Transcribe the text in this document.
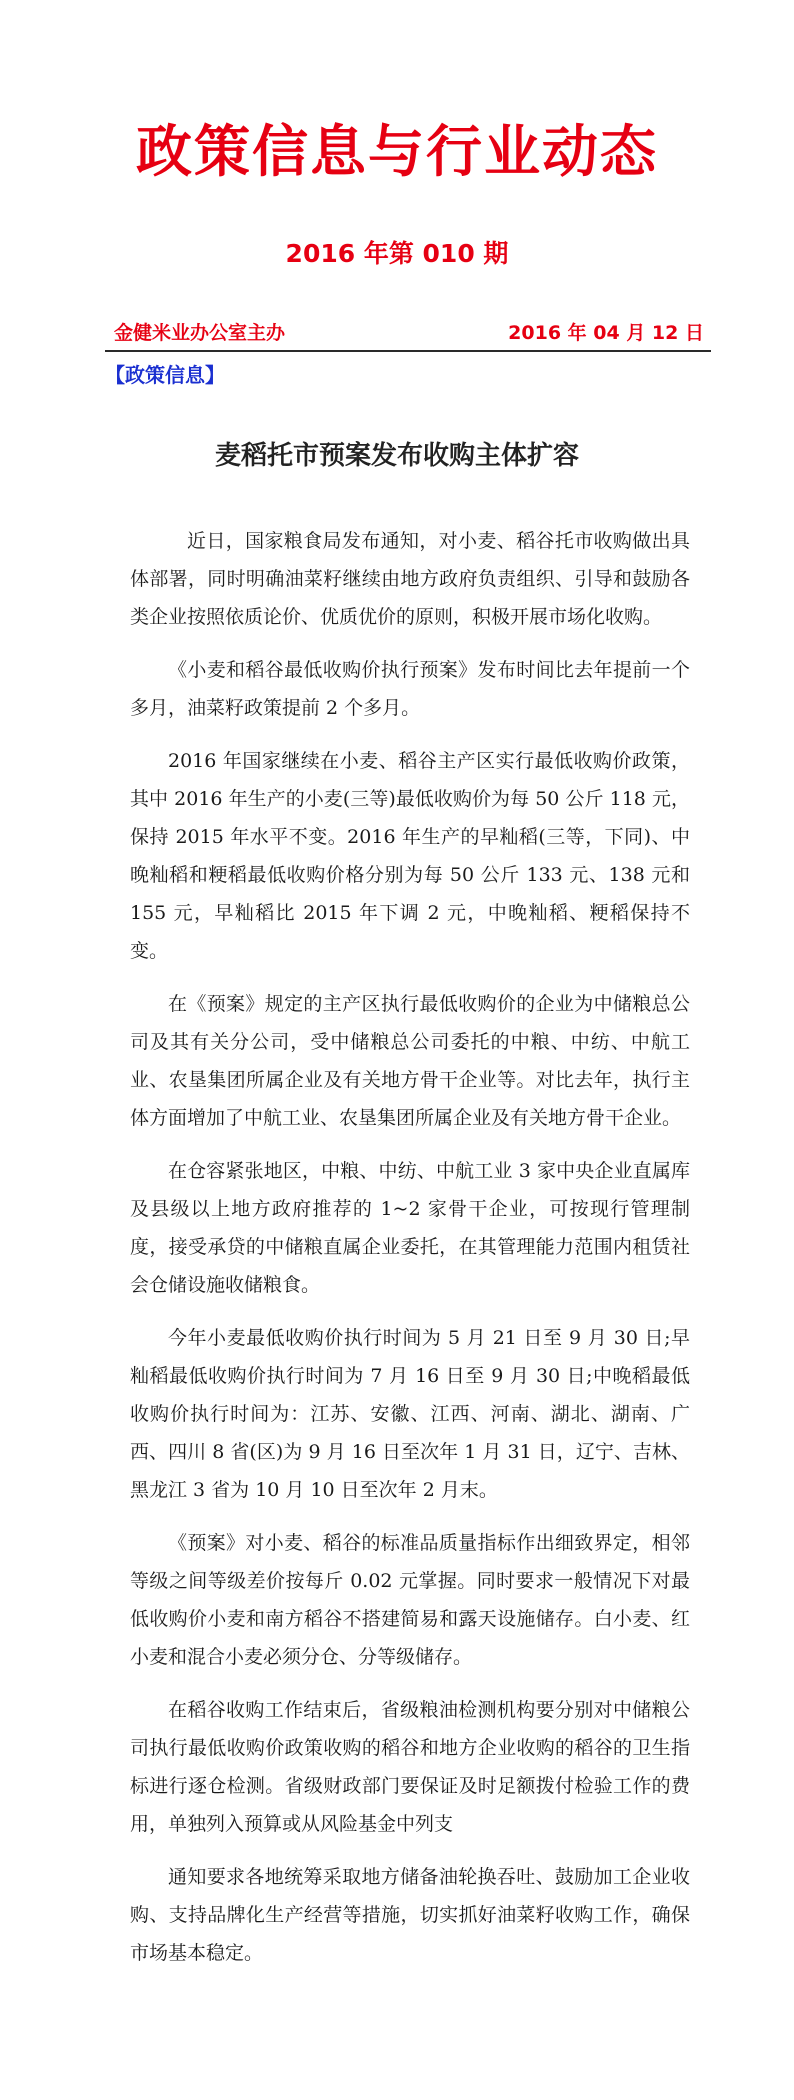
政策信息与行业动态
2016 年第 010 期
金健米业办公室主办	2016 年 04 月 12 日
【政策信息】
麦稻托市预案发布收购主体扩容

近日，国家粮食局发布通知，对小麦、稻谷托市收购做出具体部署，同时明确油菜籽继续由地方政府负责组织、引导和鼓励各类企业按照依质论价、优质优价的原则，积极开展市场化收购。

《小麦和稻谷最低收购价执行预案》发布时间比去年提前一个多月，油菜籽政策提前 2 个多月。

2016 年国家继续在小麦、稻谷主产区实行最低收购价政策，其中 2016 年生产的小麦(三等)最低收购价为每 50 公斤 118 元，保持 2015 年水平不变。2016 年生产的早籼稻(三等，下同)、中晚籼稻和粳稻最低收购价格分别为每 50 公斤 133 元、138 元和 155 元，早籼稻比 2015 年下调 2 元，中晚籼稻、粳稻保持不变。

在《预案》规定的主产区执行最低收购价的企业为中储粮总公司及其有关分公司，受中储粮总公司委托的中粮、中纺、中航工业、农垦集团所属企业及有关地方骨干企业等。对比去年，执行主体方面增加了中航工业、农垦集团所属企业及有关地方骨干企业。

在仓容紧张地区，中粮、中纺、中航工业 3 家中央企业直属库及县级以上地方政府推荐的 1~2 家骨干企业，可按现行管理制度，接受承贷的中储粮直属企业委托，在其管理能力范围内租赁社会仓储设施收储粮食。

今年小麦最低收购价执行时间为 5 月 21 日至 9 月 30 日;早籼稻最低收购价执行时间为 7 月 16 日至 9 月 30 日;中晚稻最低收购价执行时间为：江苏、安徽、江西、河南、湖北、湖南、广西、四川 8 省(区)为 9 月 16 日至次年 1 月 31 日，辽宁、吉林、黑龙江 3 省为 10 月 10 日至次年 2 月末。

《预案》对小麦、稻谷的标准品质量指标作出细致界定，相邻等级之间等级差价按每斤 0.02 元掌握。同时要求一般情况下对最低收购价小麦和南方稻谷不搭建简易和露天设施储存。白小麦、红小麦和混合小麦必须分仓、分等级储存。

在稻谷收购工作结束后，省级粮油检测机构要分别对中储粮公司执行最低收购价政策收购的稻谷和地方企业收购的稻谷的卫生指标进行逐仓检测。省级财政部门要保证及时足额拨付检验工作的费用，单独列入预算或从风险基金中列支

通知要求各地统筹采取地方储备油轮换吞吐、鼓励加工企业收购、支持品牌化生产经营等措施，切实抓好油菜籽收购工作，确保市场基本稳定。
